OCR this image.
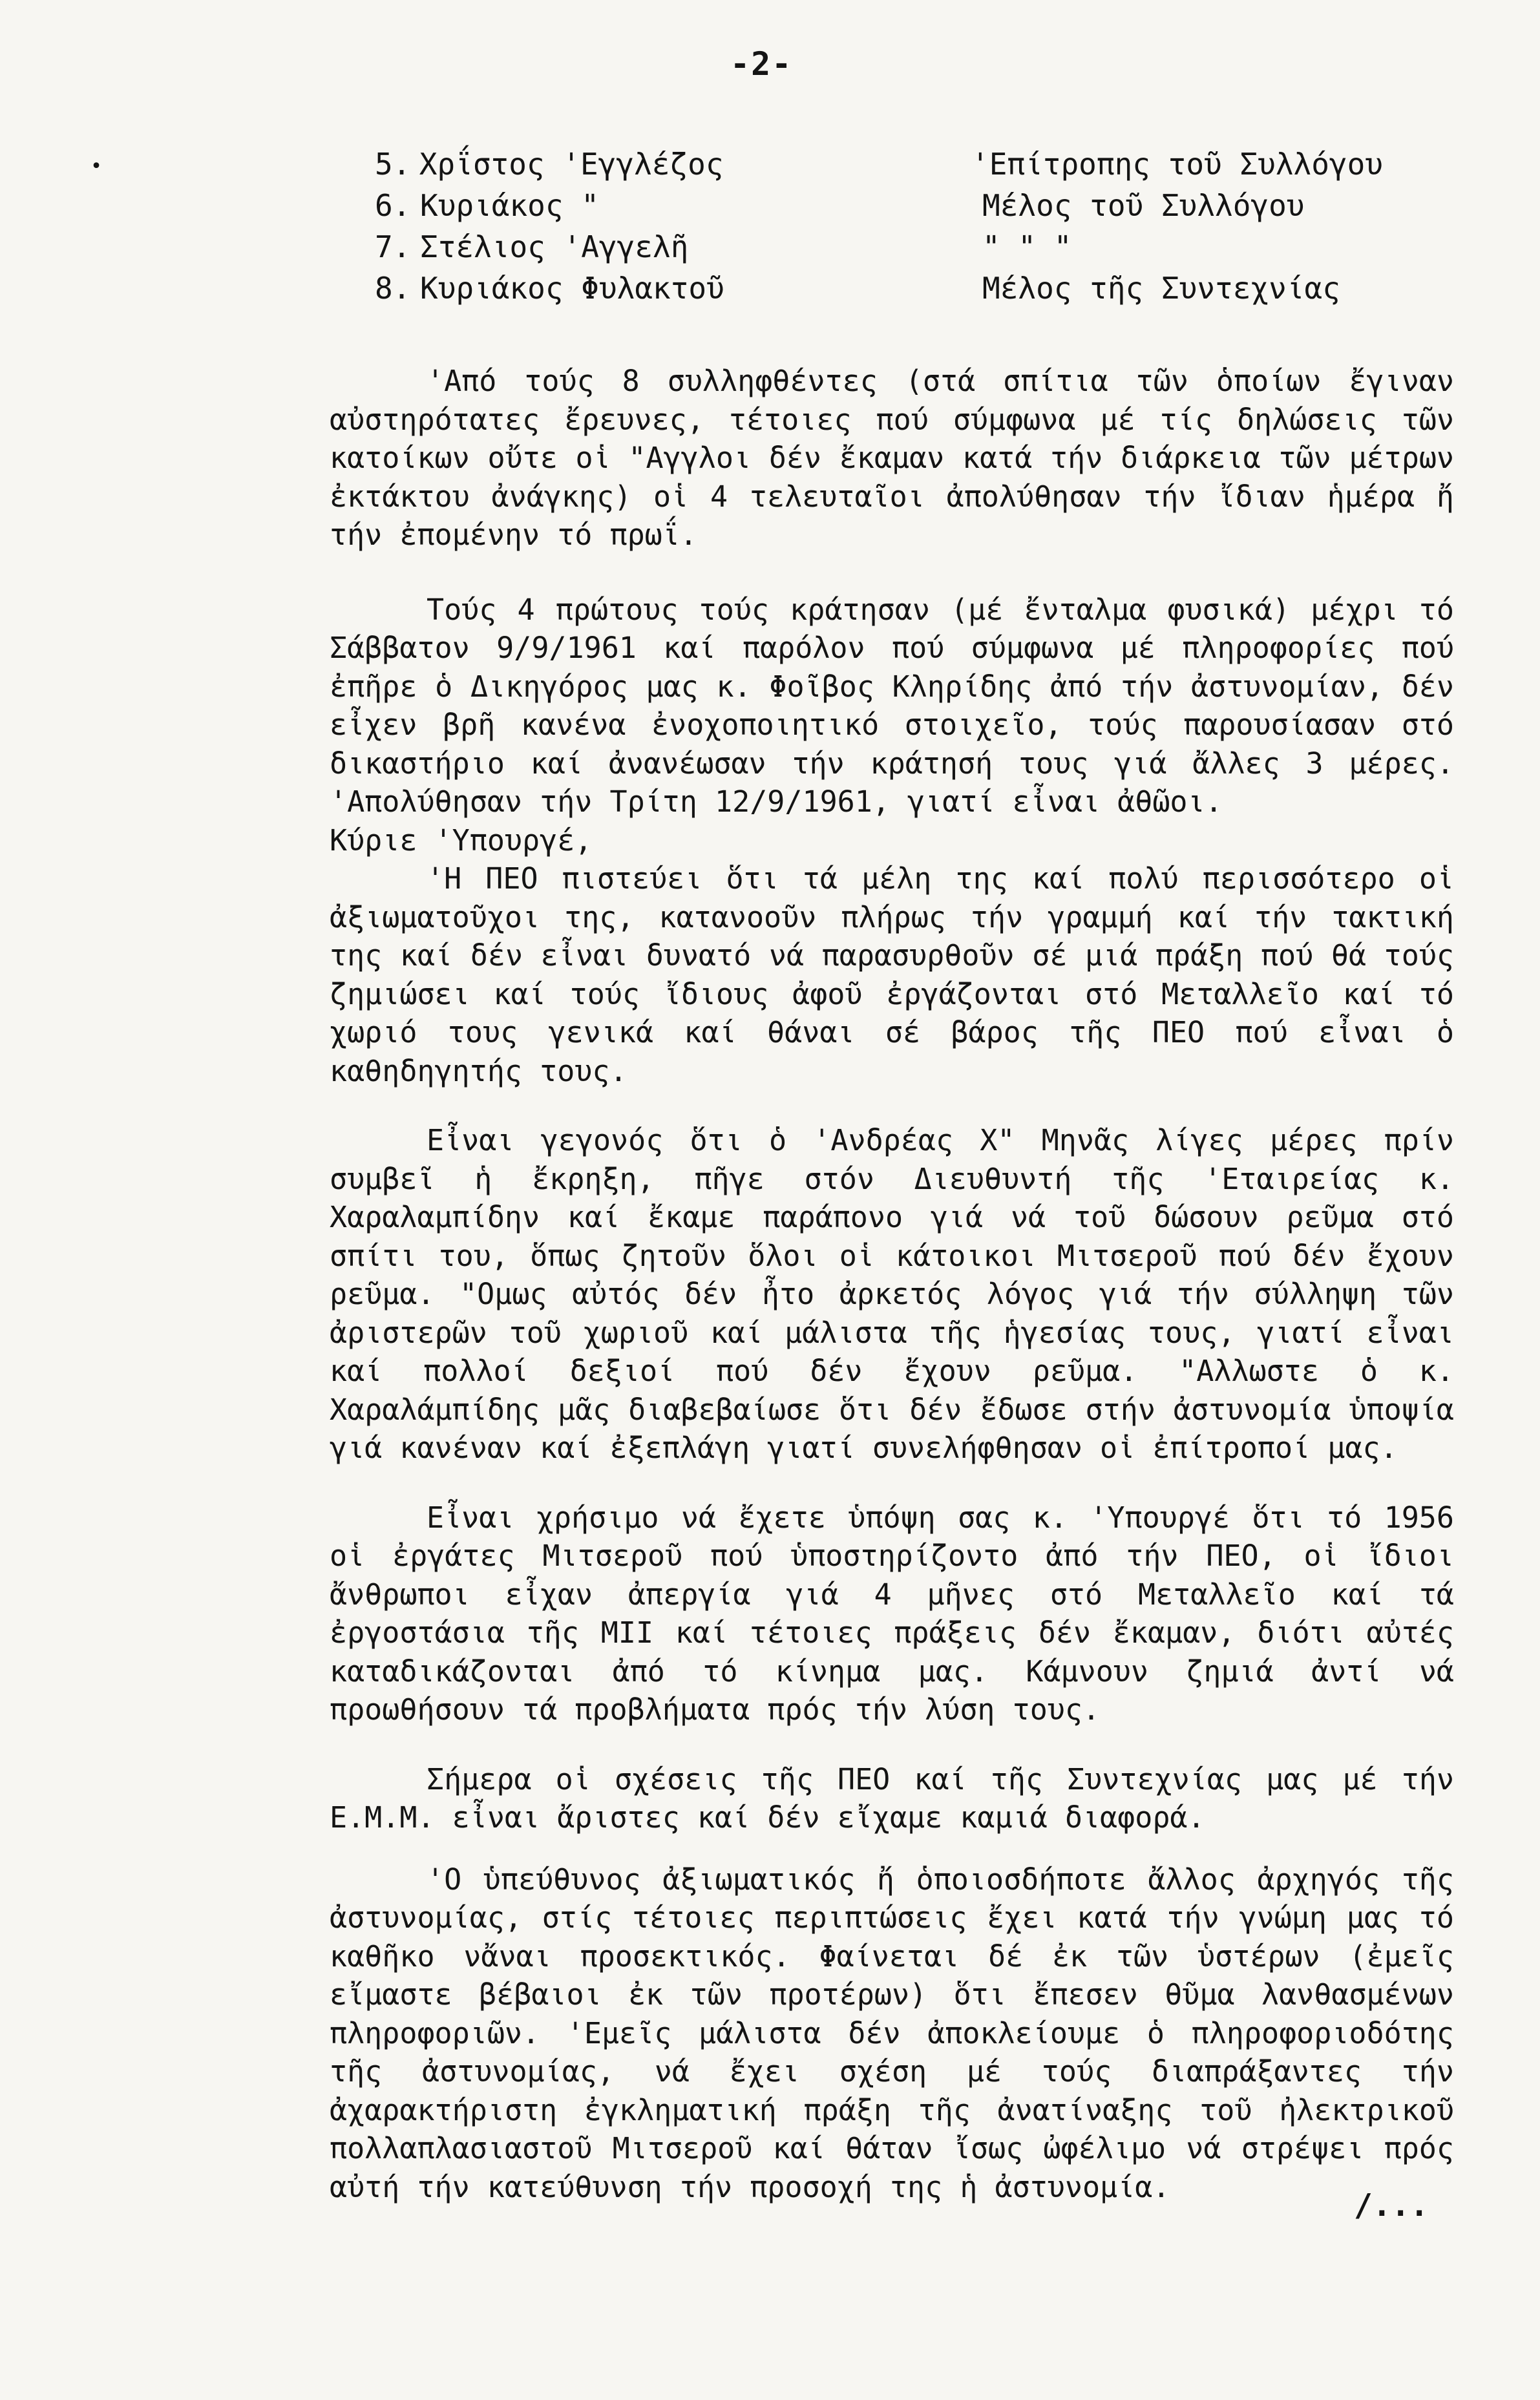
•
-2-
5. Χρΐστος 'Εγγλέζος	'Επίτροπης τοῦ Συλλόγου
6. Κυριάκος "	Μέλος τοῦ Συλλόγου
7. Στέλιος 'Αγγελῆ	" " "
8. Κυριάκος Φυλακτοῦ	Μέλος τῆς Συντεχνίας

'Από τούς 8 συλληφθέντες (στά σπίτια τῶν ὁποίων ἔγιναν αὐστηρότατες ἔρευνες, τέτοιες πού σύμφωνα μέ τίς δηλώσεις τῶν κατοίκων οὔτε οἱ "Αγγλοι δέν ἔκαμαν κατά τήν διάρκεια τῶν μέτρων ἐκτάκτου ἀνάγκης) οἱ 4 τελευταῖοι ἀπολύθησαν τήν ἴδιαν ἡμέρα ἤ τήν ἐπομένην τό πρωΐ.

Τούς 4 πρώτους τούς κράτησαν (μέ ἔνταλμα φυσικά) μέχρι τό Σάββατον 9/9/1961 καί παρόλον πού σύμφωνα μέ πληροφορίες πού ἐπῆρε ὁ Δικηγόρος μας κ. Φοῖβος Κληρίδης ἀπό τήν ἀστυνομίαν, δέν εἶχεν βρῆ κανένα ἐνοχοποιητικό στοιχεῖο, τούς παρουσίασαν στό δικαστήριο καί ἀνανέωσαν τήν κράτησή τους γιά ἄλλες 3 μέρες. 'Απολύθησαν τήν Τρίτη 12/9/1961, γιατί εἶναι ἀθῶοι.

Κύριε 'Υπουργέ,

'Η ΠΕΟ πιστεύει ὅτι τά μέλη της καί πολύ περισσότερο οἱ ἀξιωματοῦχοι της, κατανοοῦν πλήρως τήν γραμμή καί τήν τακτική της καί δέν εἶναι δυνατό νά παρασυρθοῦν σέ μιά πράξη πού θά τούς ζημιώσει καί τούς ἴδιους ἀφοῦ ἐργάζονται στό Μεταλλεῖο καί τό χωριό τους γενικά καί θάναι σέ βάρος τῆς ΠΕΟ πού εἶναι ὁ καθηδηγητής τους.

Εἶναι γεγονός ὅτι ὁ 'Ανδρέας Χ" Μηνᾶς λίγες μέρες πρίν συμβεῖ ἡ ἔκρηξη, πῆγε στόν Διευθυντή τῆς 'Εταιρείας κ. Χαραλαμπίδην καί ἔκαμε παράπονο γιά νά τοῦ δώσουν ρεῦμα στό σπίτι του, ὅπως ζητοῦν ὅλοι οἱ κάτοικοι Μιτσεροῦ πού δέν ἔχουν ρεῦμα. "Ομως αὐτός δέν ἦτο ἀρκετός λόγος γιά τήν σύλληψη τῶν ἀριστερῶν τοῦ χωριοῦ καί μάλιστα τῆς ἡγεσίας τους, γιατί εἶναι καί πολλοί δεξιοί πού δέν ἔχουν ρεῦμα. "Αλλωστε ὁ κ. Χαραλάμπίδης μᾶς διαβεβαίωσε ὅτι δέν ἔδωσε στήν ἀστυνομία ὑποψία γιά κανέναν καί ἐξεπλάγη γιατί συνελήφθησαν οἱ ἐπίτροποί μας.

Εἶναι χρήσιμο νά ἔχετε ὑπόψη σας κ. 'Υπουργέ ὅτι τό 1956 οἱ ἐργάτες Μιτσεροῦ πού ὑποστηρίζοντο ἀπό τήν ΠΕΟ, οἱ ἴδιοι ἄνθρωποι εἶχαν ἀπεργία γιά 4 μῆνες στό Μεταλλεῖο καί τά ἐργοστάσια τῆς ΜΙΙ καί τέτοιες πράξεις δέν ἔκαμαν, διότι αὐτές καταδικάζονται ἀπό τό κίνημα μας. Κάμνουν ζημιά ἀντί νά προωθήσουν τά προβλήματα πρός τήν λύση τους.

Σήμερα οἱ σχέσεις τῆς ΠΕΟ καί τῆς Συντεχνίας μας μέ τήν Ε.Μ.Μ. εἶναι ἄριστες καί δέν εἴχαμε καμιά διαφορά.

'Ο ὑπεύθυνος ἀξιωματικός ἤ ὁποιοσδήποτε ἄλλος ἀρχηγός τῆς ἀστυνομίας, στίς τέτοιες περιπτώσεις ἔχει κατά τήν γνώμη μας τό καθῆκο νἄναι προσεκτικός. Φαίνεται δέ ἐκ τῶν ὑστέρων (ἐμεῖς εἴμαστε βέβαιοι ἐκ τῶν προτέρων) ὅτι ἔπεσεν θῦμα λανθασμένων πληροφοριῶν. 'Εμεῖς μάλιστα δέν ἀποκλείουμε ὁ πληροφοριοδότης τῆς ἀστυνομίας, νά ἔχει σχέση μέ τούς διαπράξαντες τήν ἀχαρακτήριστη ἐγκληματική πράξη τῆς ἀνατίναξης τοῦ ἠλεκτρικοῦ πολλαπλασιαστοῦ Μιτσεροῦ καί θάταν ἴσως ὠφέλιμο νά στρέψει πρός αὐτή τήν κατεύθυνση τήν προσοχή της ἡ ἀστυνομία.

/...
